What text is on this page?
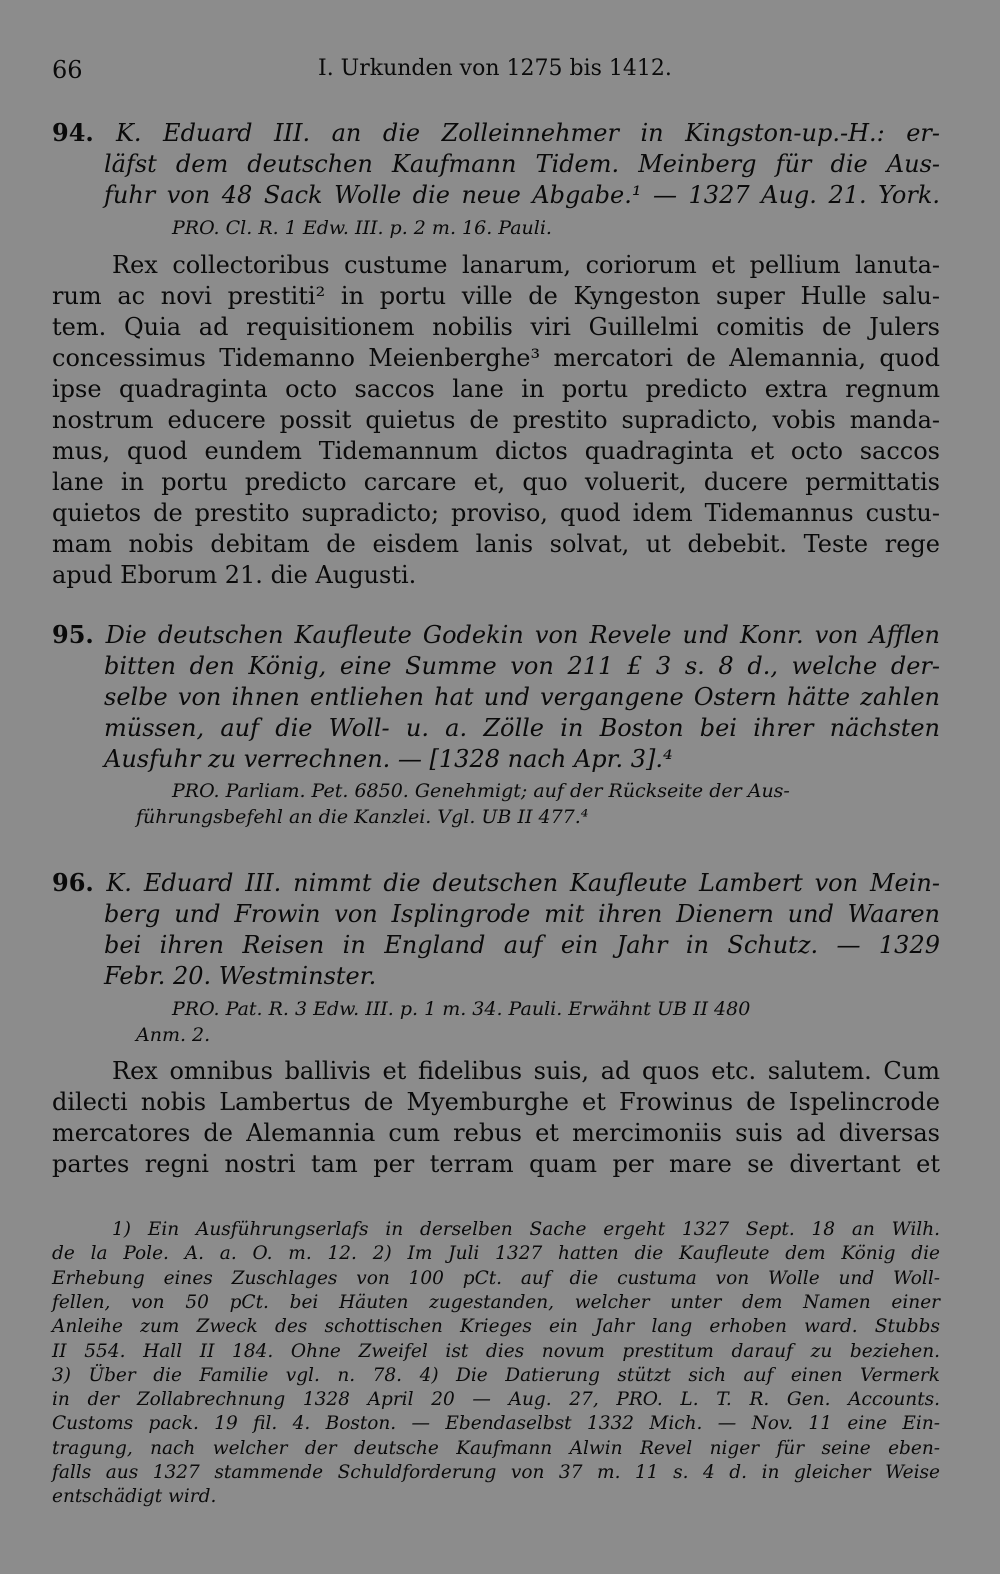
66	I. Urkunden von 1275 bis 1412.
94. K. Eduard III. an die Zolleinnehmer in Kingston-up.-H.: er-
läfst dem deutschen Kaufmann Tidem. Meinberg für die Aus-
fuhr von 48 Sack Wolle die neue Abgabe.¹ — 1327 Aug. 21. York.
PRO. Cl. R. 1 Edw. III. p. 2 m. 16. Pauli.
Rex collectoribus custume lanarum, coriorum et pellium lanuta-
rum ac novi prestiti² in portu ville de Kyngeston super Hulle salu-
tem. Quia ad requisitionem nobilis viri Guillelmi comitis de Julers
concessimus Tidemanno Meienberghe³ mercatori de Alemannia, quod
ipse quadraginta octo saccos lane in portu predicto extra regnum
nostrum educere possit quietus de prestito supradicto, vobis manda-
mus, quod eundem Tidemannum dictos quadraginta et octo saccos
lane in portu predicto carcare et, quo voluerit, ducere permittatis
quietos de prestito supradicto; proviso, quod idem Tidemannus custu-
mam nobis debitam de eisdem lanis solvat, ut debebit. Teste rege
apud Eborum 21. die Augusti.
95. Die deutschen Kaufleute Godekin von Revele und Konr. von Afflen
bitten den König, eine Summe von 211 £ 3 s. 8 d., welche der-
selbe von ihnen entliehen hat und vergangene Ostern hätte zahlen
müssen, auf die Woll- u. a. Zölle in Boston bei ihrer nächsten
Ausfuhr zu verrechnen. — [1328 nach Apr. 3].⁴
PRO. Parliam. Pet. 6850. Genehmigt; auf der Rückseite der Aus-
führungsbefehl an die Kanzlei. Vgl. UB II 477.⁴
96. K. Eduard III. nimmt die deutschen Kaufleute Lambert von Mein-
berg und Frowin von Isplingrode mit ihren Dienern und Waaren
bei ihren Reisen in England auf ein Jahr in Schutz. — 1329
Febr. 20. Westminster.
PRO. Pat. R. 3 Edw. III. p. 1 m. 34. Pauli. Erwähnt UB II 480
Anm. 2.
Rex omnibus ballivis et fidelibus suis, ad quos etc. salutem. Cum
dilecti nobis Lambertus de Myemburghe et Frowinus de Ispelincrode
mercatores de Alemannia cum rebus et mercimoniis suis ad diversas
partes regni nostri tam per terram quam per mare se divertant et
1) Ein Ausführungserlafs in derselben Sache ergeht 1327 Sept. 18 an Wilh.
de la Pole. A. a. O. m. 12. 2) Im Juli 1327 hatten die Kaufleute dem König die
Erhebung eines Zuschlages von 100 pCt. auf die custuma von Wolle und Woll-
fellen, von 50 pCt. bei Häuten zugestanden, welcher unter dem Namen einer
Anleihe zum Zweck des schottischen Krieges ein Jahr lang erhoben ward. Stubbs
II 554. Hall II 184. Ohne Zweifel ist dies novum prestitum darauf zu beziehen.
3) Über die Familie vgl. n. 78. 4) Die Datierung stützt sich auf einen Vermerk
in der Zollabrechnung 1328 April 20 — Aug. 27, PRO. L. T. R. Gen. Accounts.
Customs pack. 19 fil. 4. Boston. — Ebendaselbst 1332 Mich. — Nov. 11 eine Ein-
tragung, nach welcher der deutsche Kaufmann Alwin Revel niger für seine eben-
falls aus 1327 stammende Schuldforderung von 37 m. 11 s. 4 d. in gleicher Weise
entschädigt wird.
